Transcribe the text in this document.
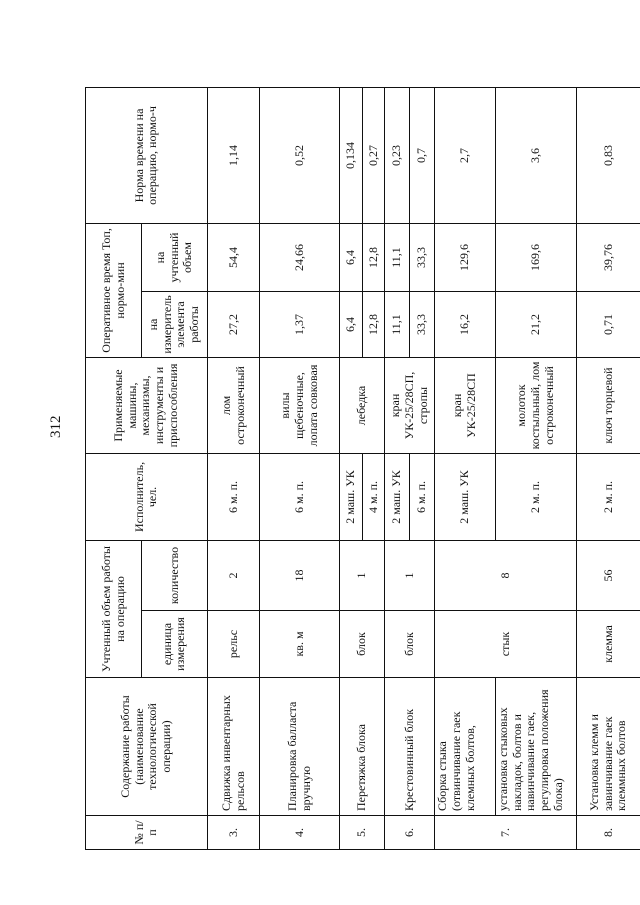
312
№ п/п	Содержание работы (наименование технологической операции)	Учтенный объем работы на операцию		Исполнитель, чел.	Применяемые машины, механизмы, инструменты и приспособления	Оперативное время Топ, нормо-мин		Норма времени на операцию, нормо-ч
		единица измерения	количество			на измеритель элемента работы	на учтенный объем	
3.	Сдвижка инвентарных рельсов	рельс	2	6 м. п.	лом остроконечный	27,2	54,4	1,14
4.	Планировка балласта вручную	кв. м	18	6 м. п.	вилы щебеночные, лопата совковая	1,37	24,66	0,52
5.	Перетяжка блока	блок	1	2 маш. УК	лебедка	6,4	6,4	0,134
				4 м. п.		12,8	12,8	0,27
6.	Крестовинный блок	блок	1	2 маш. УК	кран УК-25/28СП, стропы	11,1	11,1	0,23
				6 м. п.		33,3	33,3	0,7
7.	Сборка стыка (отвинчивание гаек клемных болтов,	стык	8	2 маш. УК	кран УК-25/28СП	16,2	129,6	2,7
	установка стыковых накладок, болтов и навинчивание гаек, регулировка положения блока)			2 м. п.	молоток костыльный, лом остроконечный	21,2	169,6	3,6
8.	Установка клемм и завинчивание гаек клеммных болтов	клемма	56	2 м. п.	ключ торцевой	0,71	39,76	0,83
